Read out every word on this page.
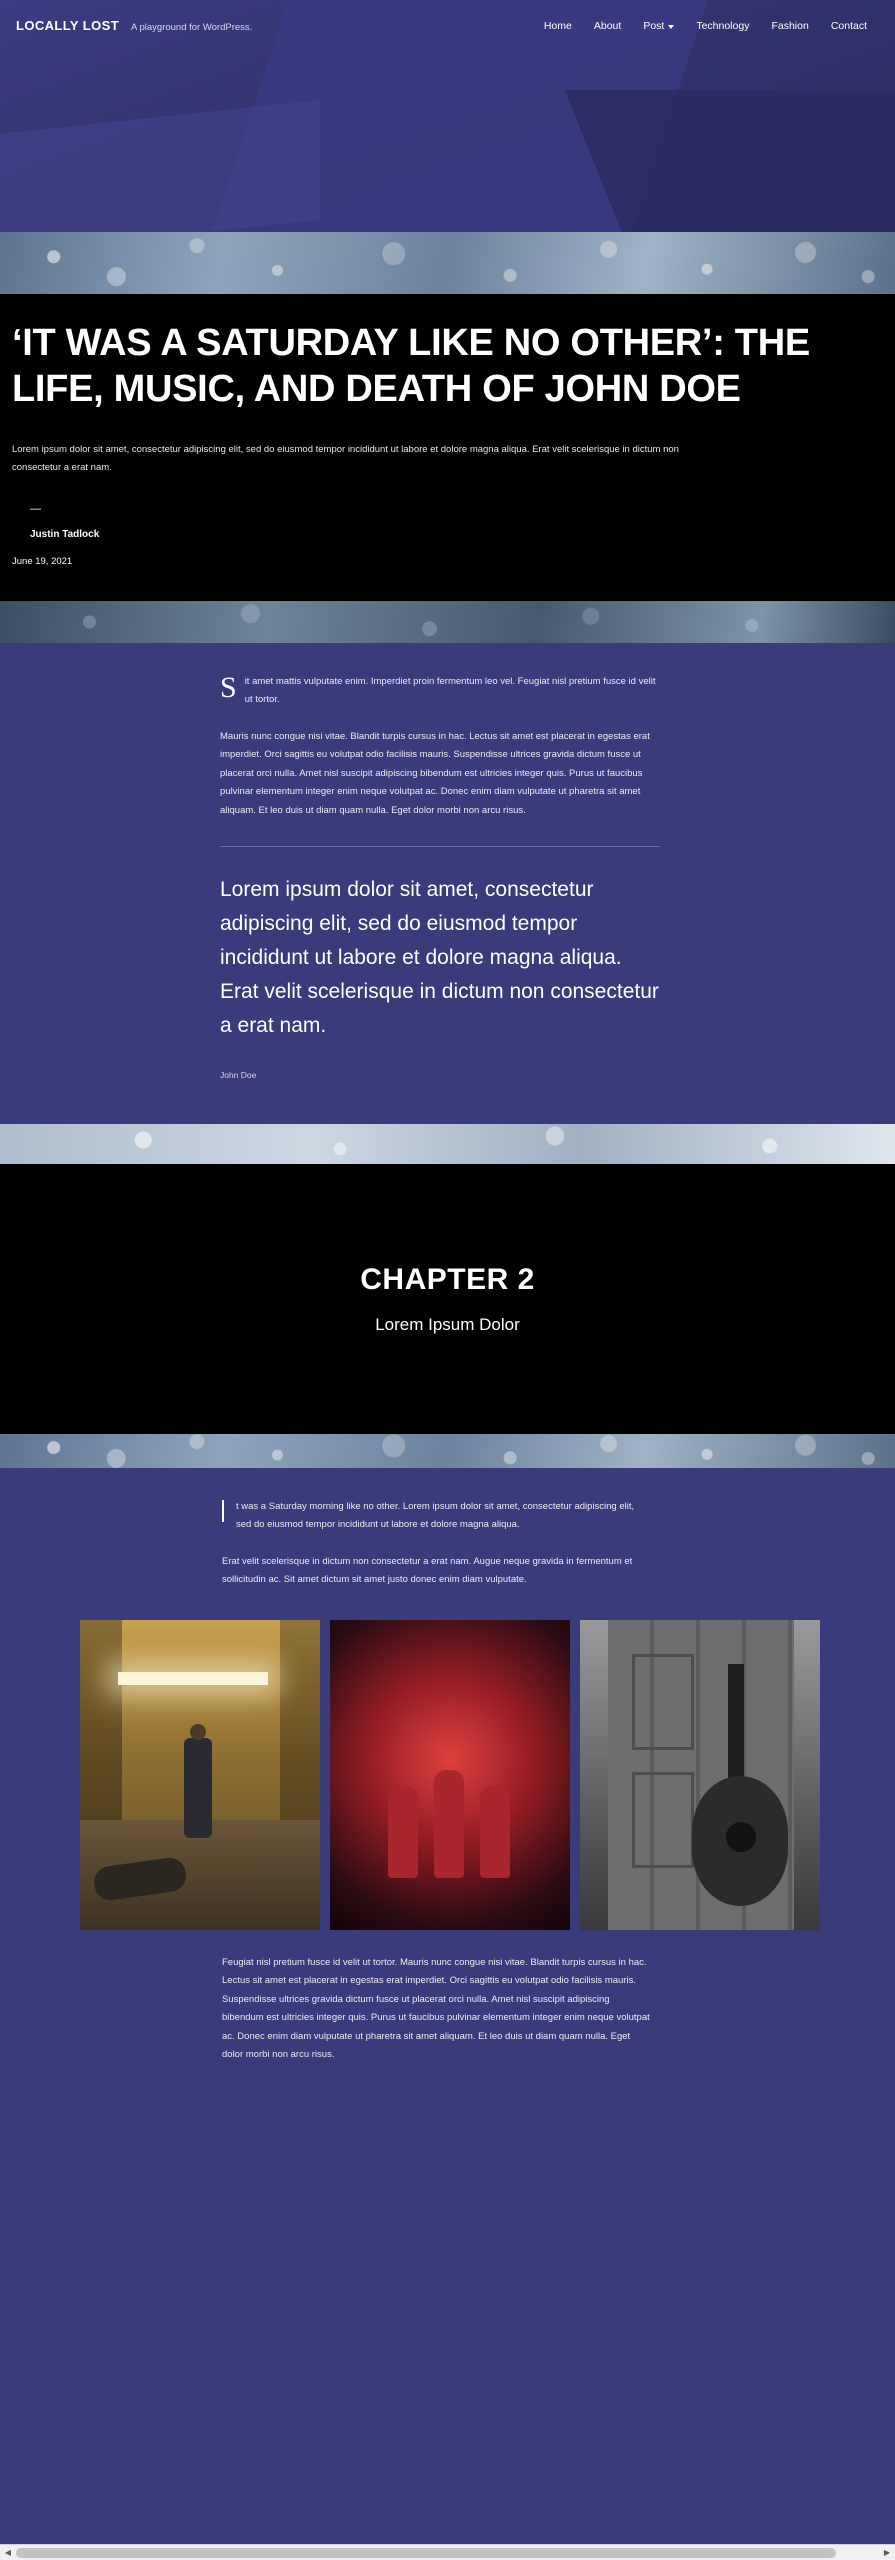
LOCALLY LOST A playground for WordPress.	Home About Post	Technology Fashion Contact
‘IT WAS A SATURDAY LIKE NO OTHER’: THE LIFE, MUSIC, AND DEATH OF JOHN DOE

Lorem ipsum dolor sit amet, consectetur adipiscing elit, sed do eiusmod tempor incididunt ut labore et dolore magna aliqua. Erat velit scelerisque in dictum non consectetur a erat nam.

—
Justin Tadlock
June 19, 2021

S it amet mattis vulputate enim. Imperdiet proin fermentum leo vel. Feugiat nisl pretium fusce id velit ut tortor.

Mauris nunc congue nisi vitae. Blandit turpis cursus in hac. Lectus sit amet est placerat in egestas erat imperdiet. Orci sagittis eu volutpat odio facilisis mauris. Suspendisse ultrices gravida dictum fusce ut placerat orci nulla. Amet nisl suscipit adipiscing bibendum est ultricies integer quis. Purus ut faucibus pulvinar elementum integer enim neque volutpat ac. Donec enim diam vulputate ut pharetra sit amet aliquam. Et leo duis ut diam quam nulla. Eget dolor morbi non arcu risus.

Lorem ipsum dolor sit amet, consectetur adipiscing elit, sed do eiusmod tempor incididunt ut labore et dolore magna aliqua. Erat velit scelerisque in dictum non consectetur a erat nam.
John Doe
CHAPTER 2

Lorem Ipsum Dolor

t was a Saturday morning like no other. Lorem ipsum dolor sit amet, consectetur adipiscing elit, sed do eiusmod tempor incididunt ut labore et dolore magna aliqua.

Erat velit scelerisque in dictum non consectetur a erat nam. Augue neque gravida in fermentum et sollicitudin ac. Sit amet dictum sit amet justo donec enim diam vulputate.

Feugiat nisl pretium fusce id velit ut tortor. Mauris nunc congue nisi vitae. Blandit turpis cursus in hac. Lectus sit amet est placerat in egestas erat imperdiet. Orci sagittis eu volutpat odio facilisis mauris. Suspendisse ultrices gravida dictum fusce ut placerat orci nulla. Amet nisl suscipit adipiscing bibendum est ultricies integer quis. Purus ut faucibus pulvinar elementum integer enim neque volutpat ac. Donec enim diam vulputate ut pharetra sit amet aliquam. Et leo duis ut diam quam nulla. Eget dolor morbi non arcu risus.

◀	▶
